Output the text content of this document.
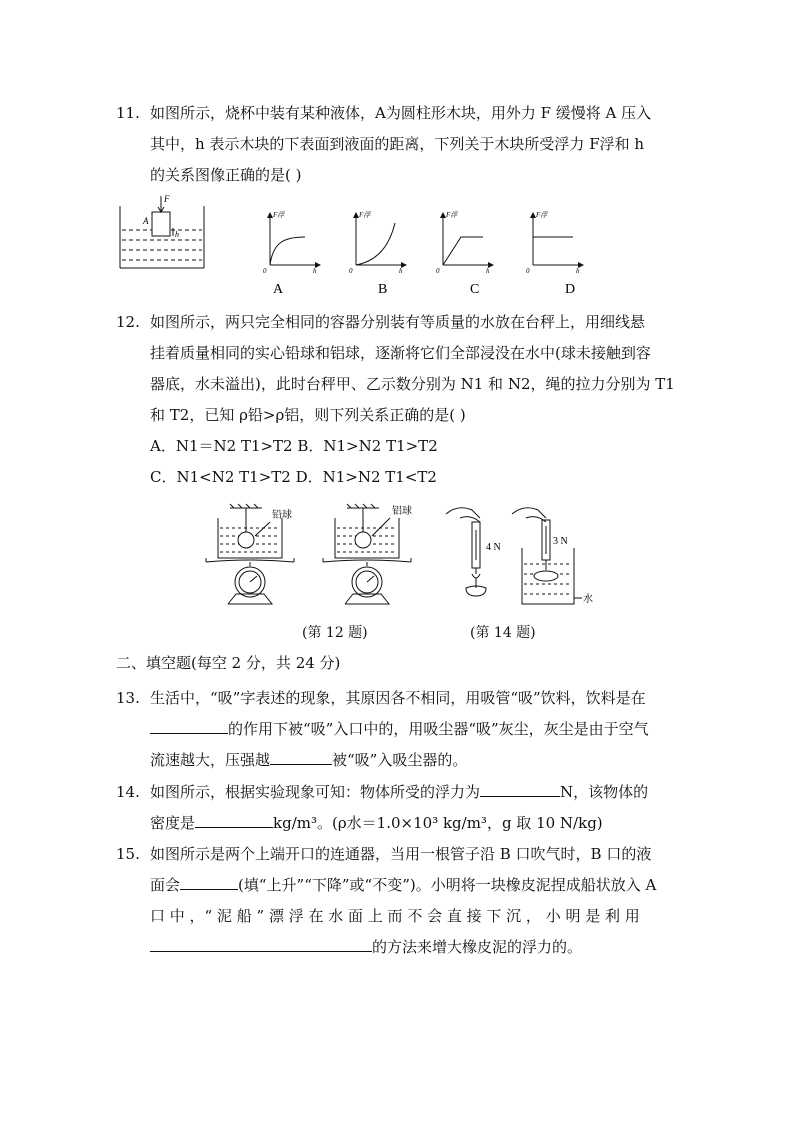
11. 如图所示，烧杯中装有某种液体，A为圆柱形木块，用外力 F 缓慢将 A 压入
其中，h 表示木块的下表面到液面的距离，下列关于木块所受浮力 F浮和 h
的关系图像正确的是( )
F
A
h
F浮	F浮	F浮	F浮
h	h	h	h
0	0	0	0
A	B	C	D
12. 如图所示，两只完全相同的容器分别装有等质量的水放在台秤上，用细线悬
挂着质量相同的实心铅球和铝球，逐渐将它们全部浸没在水中(球未接触到容
器底，水未溢出)，此时台秤甲、乙示数分别为 N1 和 N2，绳的拉力分别为 T1
和 T2，已知 ρ铅>ρ铝，则下列关系正确的是( )
A．N1＝N2 T1>T2 B．N1>N2 T1>T2
C．N1<N2 T1>T2 D．N1>N2 T1<T2
铅球	铝球
4 N
3 N
水
(第 12 题)	(第 14 题)
二、填空题(每空 2 分，共 24 分)
13. 生活中，“吸”字表述的现象，其原因各不相同，用吸管“吸”饮料，饮料是在
的作用下被“吸”入口中的，用吸尘器“吸”灰尘，灰尘是由于空气
流速越大，压强越	被“吸”入吸尘器的。
14. 如图所示，根据实验现象可知：物体所受的浮力为	N，该物体的
密度是	kg/m³。(ρ水＝1.0×10³ kg/m³，g 取 10 N/kg)
15. 如图所示是两个上端开口的连通器，当用一根管子沿 B 口吹气时，B 口的液
面会	(填“上升”“下降”或“不变”)。小明将一块橡皮泥捏成船状放入 A
口 中 ，“ 泥 船 ” 漂 浮 在 水 面 上 而 不 会 直 接 下 沉 ， 小 明 是 利 用
的方法来增大橡皮泥的浮力的。
